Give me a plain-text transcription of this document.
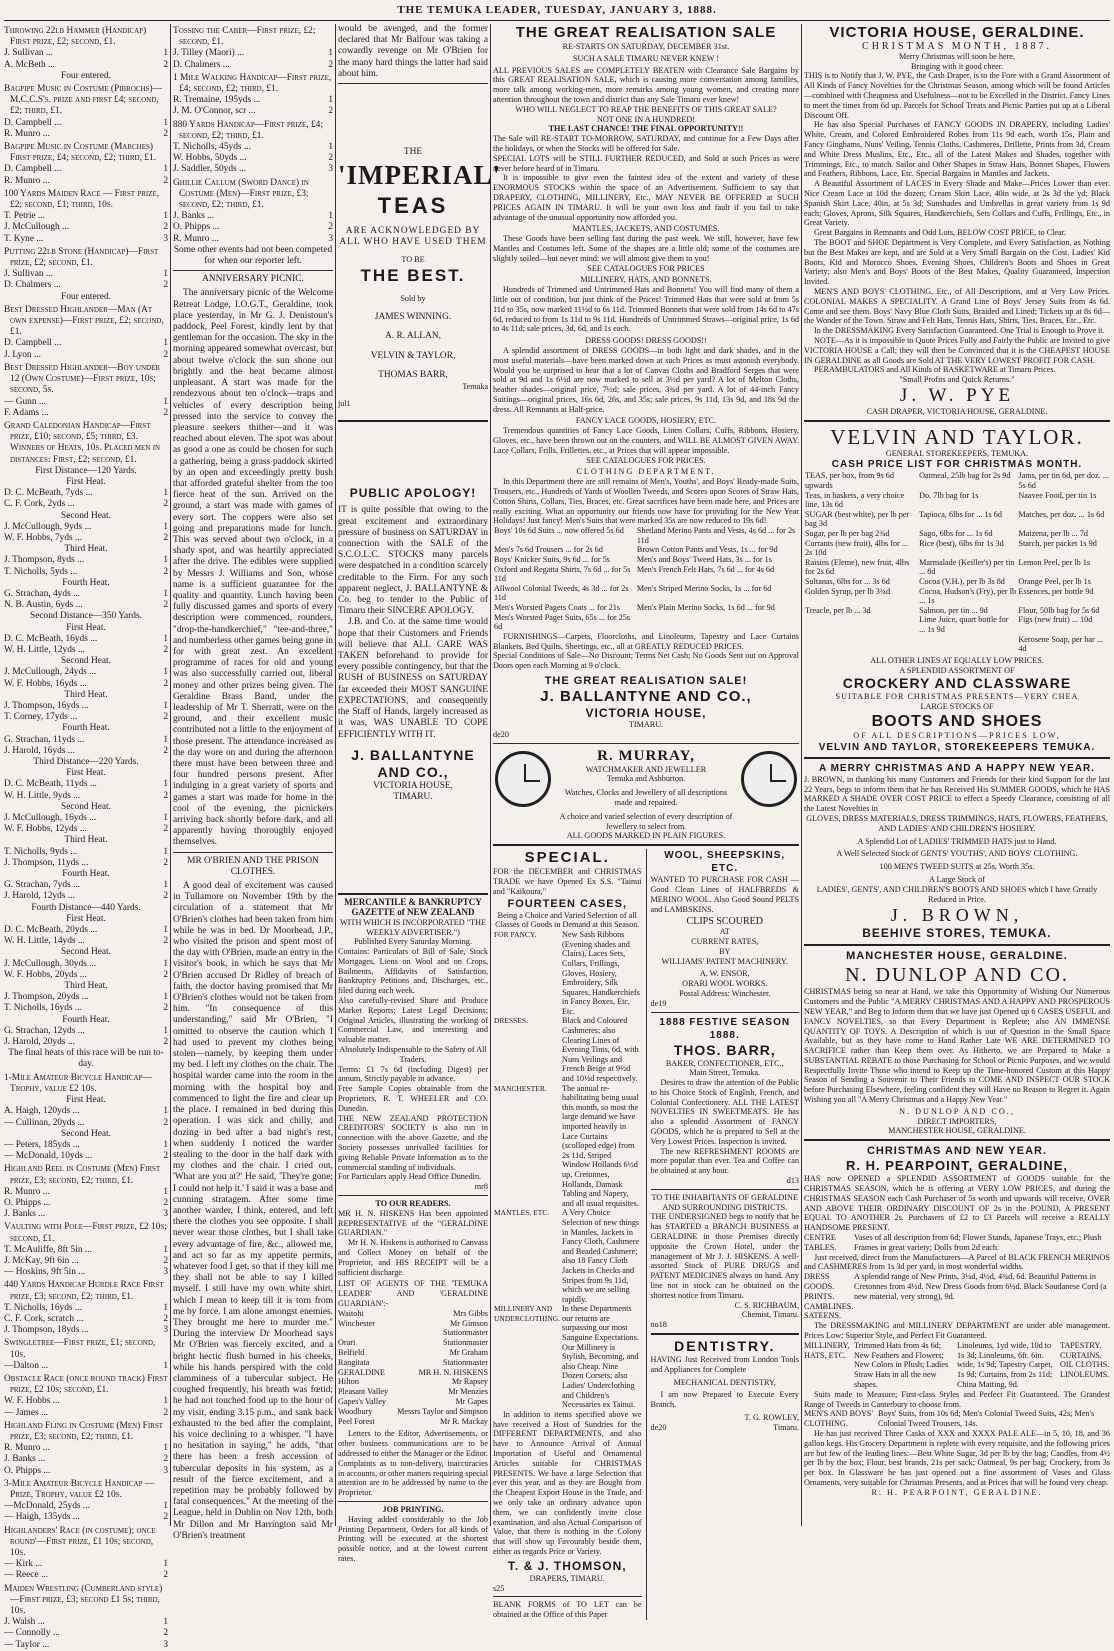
THE TEMUKA LEADER, TUESDAY, JANUARY 3, 1888.
Throwing 22lb Hammer (Handicap) First prize, £2; second, £1.
J. Sullivan ...	1
A. McBeth ...	2
Four entered.
Bagpipe Music in Costume (Pibrochs)—M.C.C.S's. prize and first £4; second, £2; third, £1.
D. Campbell ...	1
R. Munro ...	2
Bagpipe Music in Costume (Marches) First prize, £4; second, £2; third, £1.
D. Campbell ...	1
R. Munro ...	2
100 Yards Maiden Race — First prize, £2; second, £1; third, 10s.
T. Petrie ...	1
J. McCullough ...	2
T. Kyne ...	3
Putting 22lb Stone (Handicap)—First prize, £2; second, £1.
J. Sullivan ...	1
D. Chalmers ...	2
Four entered.
Best Dressed Highlander—Man (At own expense)—First prize, £2; second, £1.
D. Campbell ...	1
J. Lyon ...	2
Best Dressed Highlander—Boy under 12 (Own Costume)—First prize, 10s; second, 5s.
— Gunn ...	1
F. Adams ...	2
Grand Caledonian Handicap—First prize, £10; second, £5; third, £3. Winners of Heats, 10s. Placed men in distances: First, £2; second, £1.
First Distance—120 Yards.
First Heat.
D. C. McBeath, 7yds ...	1
C. F. Cork, 2yds ...	2
Second Heat.
J. McCullough, 9yds ...	1
W. F. Hobbs, 7yds ...	2
Third Heat.
J. Thompson, 8yds ...	1
T. Nicholls, 5yds ...	2
Fourth Heat.
G. Strachan, 4yds ...	1
N. B. Austin, 6yds ...	2
Second Distance—350 Yards.
First Heat.
D. C. McBeath, 16yds ...	1
W. H. Little, 12yds ...	2
Second Heat.
J. McCullough, 24yds ...	1
W. F. Hobbs, 16yds ...	2
Third Heat.
J. Thompson, 16yds ...	1
T. Corney, 17yds ...	2
Fourth Heat.
G. Strachan, 11yds ...	1
J. Harold, 16yds ...	2
Third Distance—220 Yards.
First Heat.
D. C. McBeath, 11yds ...	1
W. H. Little, 9yds ...	2
Second Heat.
J. McCullough, 16yds ...	1
W. F. Hobbs, 12yds ...	2
Third Heat.
T. Nicholls, 9yds ...	1
J. Thompson, 11yds ...	2
Fourth Heat.
G. Strachan, 7yds ...	1
J. Harold, 12yds ...	2
Fourth Distance—440 Yards.
First Heat.
D. C. McBeath, 20yds ...	1
W. H. Little, 14yds ...	2
Second Heat.
J. McCullough, 30yds ...	1
W. F. Hobbs, 20yds ...	2
Third Heat.
J. Thompson, 20yds ...	1
T. Nicholls, 16yds ...	2
Fourth Heat.
G. Strachan, 12yds ...	1
J. Harold, 20yds ...	2
The final heats of this race will be run to-day.
1-Mile Amateur Bicycle Handicap—Trophy, value £2 10s.
First Heat.
A. Haigh, 120yds ...	1
— Cullinan, 20yds ...	2
Second Heat.
— Peters, 185yds ...	1
— McDonald, 10yds ...	2
Highland Reel in Costume (Men) First prize, £3; second, £2; third, £1.
R. Munro ...	1
O. Phipps ...	2
J. Banks ...	3
Vaulting with Pole—First prize, £2 10s; second, £1.
T. McAuliffe, 8ft 5in ...	1
J. McKay, 9ft 6in ...	2
— Hoskins, 9ft 5in ...	3
440 Yards Handicap Hurdle Race First prize, £3; second, £2; third, £1.
T. Nicholls, 16yds ...	1
C. F. Cork, scratch ...	2
J. Thompson, 18yds ...	3
Swingletree—First prize, £1; second, 10s.
—Dalton ...	1
Obstacle Race (once round track) First prize, £2 10s; second, £1.
W. F. Hobbs ...	1
— James ...	2
Highland Fling in Costume (Men) First prize, £3; second, £2; third, £1.
R. Munro ...	1
J. Banks ...	2
O. Phipps ...	3
3-Mile Amateur Bicycle Handicap —Prize, Trophy, value £2 10s.
—McDonald, 25yds ...	1
— Haigh, 135yds ...	2
Highlanders' Race (in costume); once round'—First prize, £1 10s; second, 10s.
— Kirk ...	1
— Reece ...	2
Maiden Wrestling (Cumberland style)—First prize, £3; second £1 5s; third, 10s.
J. Walsh ...	1
— Connolly ...	2
— Taylor ...	3
Tossing the Caber—First prize, £2; second, £1.
J. Tilley (Maori) ...	1
D. Chalmers ...	2
1 Mile Walking Handicap—First prize, £4; second, £2; third, £1.
R. Tremaine, 195yds ...	1
J. M. O'Connor, scr ...	2
880 Yards Handicap—First prize, £4; second, £2; third, £1.
T. Nicholls, 45yds ...	1
W. Hobbs, 50yds ...	2
J. Saddler, 50yds ...	3
Ghillie Callum (Sword Dance) in Costume (Men)—First prize, £3; second, £2; third, £1.
J. Banks ...	1
O. Phipps ...	2
R. Munro ...	3
Some other events had not been competed for when our reporter left.
ANNIVERSARY PICNIC.
The anniversary picnic of the Welcome Retreat Lodge, I.O.G.T., Geraldine, took place yesterday, in Mr G. J. Denistoun's paddock, Peel Forest, kindly lent by that gentleman for the occasion. The sky in the morning appeared somewhat overcast, but about twelve o'clock the sun shone out brightly and the heat became almost unpleasant. A start was made for the rendezvous about ten o'clock—traps and vehicles of every description being pressed into the service to convey the pleasure seekers thither—and it was reached about eleven. The spot was about as good a one as could be chosen for such a gathering, being a grass paddock skirted by an open and exceedingly pretty bush that afforded grateful shelter from the too fierce heat of the sun. Arrived on the ground, a start was made with games of every sort. The coppers were also set going and preparations made for lunch. This was served about two o'clock, in a shady spot, and was heartily appreciated after the drive. The edibles were supplied by Messrs J. Williams and Son, whose name is a sufficient guarantee for the quality and quantity. Lunch having been fully discussed games and sports of every description were commenced, rounders, "drop-the-handkerchief," "tee-and-three," and numberless other games being gone in for with great zest. An excellent programme of races for old and young was also successfully carried out, liberal money and other prizes being given. The Geraldine Brass Band, under the leadership of Mr T. Sherratt, were on the ground, and their excellent music contributed not a little to the enjoyment of those present. The attendance increased as the day wore on and during the afternoon there must have been between three and four hundred persons present. After indulging in a great variety of sports and games a start was made for home in the cool of the evening, the picnickers arriving back shortly before dark, and all apparently having thoroughly enjoyed themselves.
MR O'BRIEN AND THE PRISON CLOTHES.
A good deal of excitement was caused in Tullamore on November 19th by the circulation of a statement that Mr O'Brien's clothes had been taken from him while he was in bed. Dr Moorhead, J.P., who visited the prison and spent most of the day with O'Brien, made an entry in the visitor's book, in which he says that Mr O'Brien accused Dr Ridley of breach of faith, the doctor having promised that Mr O'Brien's clothes would not be taken from him. "In consequence of this understanding," said Mr O'Brien, "I omitted to observe the caution which I had used to prevent my clothes being stolen—namely, by keeping them under my bed. I left my clothes on the chair. The hospital warder came into the room in the morning with the hospital boy and commenced to light the fire and clear up the place. I remained in bed during this operation. I was sick and chilly, and dozing in bed after a bad night's rest, when suddenly I noticed the warder stealing to the door in the half dark with my clothes and the chair. I cried out, 'What are you at?' He said, 'They're gone; I could not help it.' I said it was a base and cunning stratagem. After some time another warder, I think, entered, and left there the clothes you see opposite. I shall never wear those clothes, but I shall take every advantage of fire, &c., allowed me, and act so far as my appetite permits, whatever food I get, so that if they kill me they shall not be able to say I killed myself. I still have my own white shirt, which I mean to keep till it is torn from me by force. I am alone amongst enemies. They brought me here to murder me." During the interview Dr Moorhead says Mr O'Brien was fiercely excited, and a bright hectic flush burned in his cheeks, while his hands perspired with the cold clamminess of a tubercular subject. He coughed frequently, his breath was fœtid; he had not touched food up to the hour of my visit, ending 3.15 p.m., and sank back exhausted to the bed after the complaint, his voice declining to a whisper. "I have no hesitation in saying," he adds, "that there has been a fresh accession of tubercular deposits in his system, as a result of the fierce excitement, and a repetition may be probably followed by fatal consequences." At the meeting of the League, held in Dublin on Nov 12th, both Mr Dillon and Mr Harrington said Mr O'Brien's treatment
would be avenged, and the former declared that Mr Balfour was taking a cowardly revenge on Mr O'Brien for the many hard things the latter had said about him.
THE
'IMPERIAL'
TEAS
ARE ACKNOWLEDGED BY ALL WHO HAVE USED THEM
TO BE
THE BEST.
Sold by
JAMES WINNING.
A. R. ALLAN,
VELVIN & TAYLOR,
THOMAS BARR,
Temuka
jul1
PUBLIC APOLOGY!
IT is quite possible that owing to the great excitement and extraordinary pressure of business on SATURDAY in connection with the SALE of the S.C.O.L.C. STOCKS many parcels were despatched in a condition scarcely creditable to the Firm. For any such apparent neglect, J. BALLANTYNE & Co. beg to tender to the Public of Timaru their SINCERE APOLOGY.
J.B. and Co. at the same time would hope that their Customers and Friends will believe that ALL CARE WAS TAKEN beforehand to provide for every possible contingency, but that the RUSH of BUSINESS on SATURDAY far exceeded their MOST SANGUINE EXPECTATIONS, and consequently the Staff of Hands, largely increased as it was, WAS UNABLE TO COPE EFFICIENTLY WITH IT.
J. BALLANTYNE
AND CO.,
VICTORIA HOUSE,
TIMARU.
MERCANTILE & BANKRUPTCY GAZETTE of NEW ZEALAND
WITH WHICH IS INCORPORATED "THE WEEKLY ADVERTISER.")
Published Every Saturday Morning.
Contains: Particulars of Bill of Sale, Stock Mortgages, Liens on Wool and on Crops, Bailments, Affidavits of Satisfaction, Bankruptcy Petitions and, Discharges, etc., filed during each week.
Also carefully-revised Share and Produce Market Reports; Latest Legal Decisions; Original Articles, illustrating the working of Commercial Law, and interesting and valuable matter.
Absolutely Indispensable to the Safety of All Traders.
Terms: £1 7s 6d (including Digest) per annum, Strictly payable in advance.
Free Sample Copies obtainable from the Proprietors, R. T. WHEELER and CO. Dunedin.
THE NEW ZEALAND PROTECTION CREDITORS' SOCIETY is also run in connection with the above Gazette, and the Society possesses unrivalled facilities for giving Reliable Private Information as to the commercial standing of individuals.
For Particulars apply Head Office Dunedin.
mr8
TO OUR READERS.
MR H. N. HISKENS Has been appointed REPRESENTATIVE of the "GERALDINE GUARDIAN."
Mr H. N. Hiskens is authorised to Canvass and Collect Money on behalf of the Proprietor, and HIS RECEIPT will be a sufficient discharge.
LIST OF AGENTS OF THE 'TEMUKA LEADER' AND 'GERALDINE GUARDIAN':-
Waitohi	Mrs Gibbs
Winchester	Mr Gimson
Stationmaster
Orari	Stationmaster
Belfield	Mr Graham
Rangitata	Stationmaster
GERALDINE	MR H. N. HISKENS
Hilton	Mr Rapsey
Pleasant Valley	Mr Menzies
Gapes's Valley	Mr Gapes
Woodbury	Messrs Taylor and Simpson
Peel Forest	Mr R. Mackay
Letters to the Editor, Advertisements, or other business communications are to be addressed to either the Manager or the Editor. Complaints as to non-delivery, inaccuracies in accounts, or other matters requiring special attention are to be addressed by name to the Proprietor.
JOB PRINTING.
Having added considerably to the Job Printing Department, Orders for all kinds of Printing will be executed at the shortest possible notice, and at the lowest current rates.
THE GREAT REALISATION SALE
RE-STARTS ON SATURDAY, DECEMBER 31st.
SUCH A SALE TIMARU NEVER KNEW !
ALL PREVIOUS SALES are COMPLETELY BEATEN with Clearance Sale Bargains by this GREAT REALISATION SALE, which is causing more conversation among families, more talk among working-men, more remarks among young women, and creating more attention throughout the town and district than any Sale Timaru ever knew!
WHO WILL NEGLECT TO REAP THE BENEFITS OF THIS GREAT SALE?
NOT ONE IN A HUNDRED!
THE LAST CHANCE! THE FINAL OPPORTUNITY!!
The Sale will RE-START TO-MORROW, SATURDAY, and continue for a Few Days after the holidays, or when the Stocks will be offered for Sale.
SPECIAL LOTS will be STILL FURTHER REDUCED, and Sold at such Prices as were never before heard of in Timaru.
It is impossible to give even the faintest idea of the extent and variety of these ENORMOUS STOCKS within the space of an Advertisement. Sufficient to say that DRAPERY, CLOTHING, MILLINERY, Etc., MAY NEVER BE OFFERED at SUCH PRICES AGAIN IN TIMARU. It will be your own loss and fault if you fail to take advantage of the unusual opportunity now afforded you.
MANTLES, JACKETS, AND COSTUMES.
These Goods have been selling fast during the past week. We still, however, have few Mantles and Costumes left. Some of the shapes are a little old; some of the costumes are slightly soiled—but never mind: we will almost give them to you!
SEE CATALOGUES FOR PRICES
MILLINERY, HATS, AND BONNETS.
Hundreds of Trimmed and Untrimmed Hats and Bonnets! You will find many of them a little out of condition, but just think of the Prices! Trimmed Hats that were sold at from 5s 11d to 35s, now marked 11½d to 6s 11d. Trimmed Bonnets that were sold from 14s 6d to 47s 6d, reduced to from 1s 11d to 9s 11d. Hundreds of Untrimmed Straws—original price, 1s 6d to 4s 11d; sale prices, 3d, 6d, and 1s each.
DRESS GOODS! DRESS GOODS!!
A splendid assortment of DRESS GOODS—in both light and dark shades, and in the most useful materials—have been marked down at such Prices as must astonish everybody. Would you be surprised to hear that a lot of Canvas Cloths and Bradford Serges that were sold at 9d and 1s 6½d are now marked to sell at 3½d per yard? A lot of Melton Cloths, heather shades—original price, 7½d; sale prices, 3¾d per yard. A lot of 44-inch Fancy Suitings—original prices, 16s 6d, 26s, and 35s; sale prices, 9s 11d, 13s 9d, and 18s 9d the dress. All Remnants at Half-price.
FANCY LACE GOODS, HOSIERY, ETC.
Tremendous quantities of Fancy Lace Goods, Linen Collars, Cuffs, Ribbons, Hosiery, Gloves, etc., have been thrown out on the counters, and WILL BE ALMOST GIVEN AWAY. Lace Collars, Frills, Frillettes, etc., at Prices that will appear impossible.
SEE CATALOGUES FOR PRICES.
CLOTHING DEPARTMENT.
In this Department there are still remains of Men's, Youths', and Boys' Ready-made Suits, Trousers, etc., Hundreds of Yards of Woollen Tweeds, and Scores upon Scores of Straw Hats, Cotton Shirts, Collars, Ties, Braces, etc. Great sacrifices have been made here, and Prices are really exciting. What an opportunity our friends now have for providing for the New Year Holidays! Just fancy! Men's Suits that were marked 35s are now reduced to 19s 6d!
Boys' 10s 6d Suits ... now offered 5s 6d	Shetland Merino Pants and Vests, 4s 6d ... for 2s 11d
Men's 7s 6d Trousers ... for 2s 6d	Brown Cotton Pants and Vests, 1s ... for 9d
Boys' Knicker Suits, 9s 6d ... for 5s	Men's and Boys' Tweed Hats, 3s ... for 1s
Oxford and Regatta Shirts, 7s 6d ... for 5s 11d	Men's French Felt Hats, 7s 6d ... for 4s 6d
Allwool Colonial Tweeds, 4s 3d ... for 2s 11d	Men's Striped Merino Socks, 1s ... for 6d
Men's Worsted Pagets Coats ... for 21s	Men's Plain Merino Socks, 1s 6d ... for 9d
Men's Worsted Paget Suits, 65s ... for 25s 6d	
FURNISHINGS—Carpets, Floorcloths, and Linoleums, Tapestry and Lace Curtains Blankets, Bed Quilts, Sheetings, etc., all at GREATLY REDUCED PRICES.
Special Conditions of Sale—No Discount; Terms Net Cash; No Goods Sent out on Approval Doors open each Morning at 9 o'clock.
THE GREAT REALISATION SALE!
J. BALLANTYNE AND CO.,
VICTORIA HOUSE,
TIMARU.
de20
R. MURRAY,
WATCHMAKER AND JEWELLER
Temuka and Ashburton.
Watches, Clocks and Jewellery of all descriptions made and repaired.
A choice and varied selection of every description of Jewellery to select from.
ALL GOODS MARKED IN PLAIN FIGURES.
SPECIAL.
FOR the DECEMBER and CHRISTMAS TRADE we have Opened Ex S.S. "Tainui and "Kaikoura,"
FOURTEEN CASES,
Being a Choice and Varied Selection of all Classes of Goods in Demand at this Season.
FOR FANCY.	New Sash Ribbons (Evening shades and Clairs), Laces Sets, Collars, Frillings, Gloves, Hosiery, Embroidery, Silk Squares, Handkerchiefs in Fancy Boxes, Etc, Etc.
DRESSES.	Black and Coloured Cashmeres; also Clearing Lines of Evening Tints, 6d, with Nuns Veilings and French Beige at 9½d and 10½d respectively.
MANCHESTER.	The annual re-habilitating being usual this month, so most the large demand we have imported heavily in Lace Curtains (scolloped edge) from 2s 11d, Striped Window Hollands 6½d up, Cretonnes, Hollands, Damask Tabling and Napery, and all usual requisites.
MANTLES, ETC.	A Very Choice Selection of new things in Mantles, Jackets in Fancy Cloth, Cashmere and Beaded Cashmere; also 18 Fancy Cloth Jackets in Checks and Stripes from 9s 11d, which we are selling rapidly.
MILLINERY AND UNDERCLOTHING.	In these Departments our returns are surpassing our most Sanguine Expectations. Our Millinery is Stylish, Becoming, and also Cheap. Nine Dozen Corsets; also Ladies' Underclothing and Children's Necessaries ex Tainui.
In addition to items specified above we have received a Host of Sundries for the DIFFERENT DEPARTMENTS, and also have to Announce Arrival of Annual Importation of Useful and Ornamental Articles suitable for CHRISTMAS PRESENTS. We have a large Selection that ever this year, and as they are Bought from the Cheapest Export House in the Trade, and we only take an ordinary advance upon them, we can confidently invite close examination, and also Actual Comparison of Value, that there is nothing in the Colony that will show up Favourably beside them, either as regards Price or Variety.
T. & J. THOMSON,
DRAPERS, TIMARU.
s25
BLANK FORMS of TO LET can be obtained at the Office of this Paper
WOOL, SHEEPSKINS, ETC.
WANTED TO PURCHASE FOR CASH — Good Clean Lines of HALFBREDS & MERINO WOOL. Also Good Sound PELTS and LAMBSKINS.
CLIPS SCOURED
AT
CURRENT RATES,
BY
WILLIAMS' PATENT MACHINERY.
A. W. ENSOR,
ORARI WOOL WORKS.
Postal Address: Winchester.
de19
1888 FESTIVE SEASON 1888.
THOS. BARR,
BAKER, CONFECTIONER, ETC.,
Main Street, Temuka.
Desires to draw the attention of the Public to his Choice Stock of English, French, and Colonial Confectionery. ALL THE LATEST NOVELTIES IN SWEETMEATS. He has also a splendid Assortment of FANCY GOODS, which he is prepared to Sell at the Very Lowest Prices. Inspection is invited.
The new REFRESHMENT ROOMS are more popular than ever. Tea and Coffee can be obtained at any hour.
d13
TO THE INHABITANTS OF GERALDINE AND SURROUNDING DISTRICTS.
THE UNDERSIGNED begs to notify that he has STARTED a BRANCH BUSINESS at GERALDINE in those Premises directly opposite the Crown Hotel, under the management of Mr J. J. HISKENS. A well-assorted Stock of PURE DRUGS and PATENT MEDICINES always on hand. Any line not in stock can be obtained on the shortest notice from Timaru.
C. S. RICHBAUM,
Chemist, Timaru.
no18
DENTISTRY.
HAVING Just Received from London Tools and Appliances for Complete
MECHANICAL DENTISTRY,
I am now Prepared to Execute Every Branch.
T. G. ROWLEY,
de20	Timaru.
VICTORIA HOUSE, GERALDINE.
CHRISTMAS MONTH, 1887.
Merry Christmas will soon be here,
Bringing with it good cheer.
THIS is to Notify that J. W. PYE, the Cash Draper, is to the Fore with a Grand Assortment of All Kinds of Fancy Novelties for the Christmas Season, among which will be found Articles—combined with Cheapness and Usefulness—not to be Excelled in the District. Fancy Lines to meet the times from 6d up. Parcels for School Treats and Picnic Parties put up at a Liberal Discount Off.
He has also Special Purchases of FANCY GOODS IN DRAPERY, including Ladies' White, Cream, and Colored Embroidered Robes from 11s 9d each, worth 15s, Plain and Fancy Ginghams, Nuns' Veiling, Tennis Cloths, Cashmeres, Drillette, Prints from 3d, Cream and White Dress Muslins, Etc., Etc., all of the Latest Makes and Shades, together with Trimmings, Etc., to match. Sailor and Other Shapes in Straw Hats, Bonnet Shapes, Flowers and Feathers, Ribbons, Lace, Etc. Special Bargains in Mantles and Jackets.
A Beautiful Assortment of LACES in Every Shade and Make—Prices Lower than ever. Nice Cream Lace at 10d the dozen; Cream Skirt Lace, 40in wide, at 2s 3d the yd; Black Spanish Skirt Lace, 40in, at 5s 3d; Sunshades and Umbrellas in great variety from 1s 9d each; Gloves, Aprons, Silk Squares, Handkerchiefs, Sets Collars and Cuffs, Frillings, Etc., in Great Variety.
Great Bargains in Remnants and Odd Lots, BELOW COST PRICE, to Clear.
The BOOT and SHOE Department is Very Complete, and Every Satisfaction, as Nothing but the Best Makes are kept, and are Sold at a Very Small Bargain on the Cost. Ladies' Kid Boots, Kid and Morocco Shoes, Evening Shoes, Children's Boots and Shoes in Great Variety; also Men's and Boys' Boots of the Best Makes, Quality Guaranteed, Inspection Invited.
MEN'S AND BOYS' CLOTHING, Etc., of All Descriptions, and at Very Low Prices. COLONIAL MAKES A SPECIALITY. A Grand Line of Boys' Jersey Suits from 4s 6d. Come and see them. Boys' Navy Blue Cloth Suits, Braided and Lined; Tickets up at 8s 6d—the Wonder of the Town. Straw and Felt Hats, Tennis Hats, Shirts, Ties, Braces, Etc., Etc.
In the DRESSMAKING Every Satisfaction Guaranteed. One Trial is Enough to Prove it.
NOTE—As it is impossible to Quote Prices Fully and Fairly the Public are Invited to give VICTORIA HOUSE a Call; they will then be Convinced that it is the CHEAPEST HOUSE IN GERALDINE as all Goods are Sold AT THE VERY LOWEST PROFIT FOR CASH.
PERAMBULATORS and All Kinds of BASKETWARE at Timaru Prices.
"Small Profits and Quick Returns."
J. W. PYE
CASH DRAPER, VICTORIA HOUSE, GERALDINE.
VELVIN AND TAYLOR.
GENERAL STOREKEEPERS, TEMUKA.
CASH PRICE LIST FOR CHRISTMAS MONTH.
TEAS, per box, from 9s 6d upwards	Oatmeal, 25lb bag for 2s 9d	Jams, per tin 6d, per doz. ... 5s 6d
Teas, in baskets, a very choice line, 13s 6d	Do. 7lb bag for 1s	Naavee Food, per tin 1s
SUGAR (best white), per lb per bag 3d	Tapioca, 6lbs for ... 1s 6d	Matches, per doz. ... 1s 6d
Sugar, per lb per bag 2¾d	Sago, 6lbs for ... 1s 6d	Maizena, per lb ... 7d
Currants (new fruit), 4lbs for ... 2s 10d	Rice (best), 6lbs for 1s 3d	Starch, per packet 1s 9d
Raisins (Eleme), new fruit, 4lbs for 2s 6d	Marmalade (Keiller's) per tin ... 8d	Lemon Peel, per lb 1s
Sultanas, 6lbs for ... 3s 6d	Cocoa (V.H.), per lb 3s 8d	Orange Peel, per lb 1s
Golden Syrup, per lb 3¾d	Cocoa, Hudson's (Fry), per lb ... 1s	Essences, per bottle 9d
Treacle, per lb ... 3d	Salmon, per tin ... 9d	Flour, 50lb bag for 5s 6d
	Lime Juice, quart bottle for ... 1s 9d	Figs (new fruit) ... 10d
		Kerosene Soap, per bar ... 4d
ALL OTHER LINES AT EQUALLY LOW PRICES.
A SPLENDID ASSORTMENT OF
CROCKERY AND CLASSWARE
SUITABLE FOR CHRISTMAS PRESENTS—VERY CHEA
LARGE STOCKS OF
BOOTS AND SHOES
OF ALL DESCRIPTIONS—PRICES LOW,
VELVIN AND TAYLOR, STOREKEEPERS TEMUKA.
A MERRY CHRISTMAS AND A HAPPY NEW YEAR.
J. BROWN, in thanking his many Customers and Friends for their kind Support for the last 22 Years, begs to inform them that he has Received His SUMMER GOODS, which he HAS MARKED A SHADE OVER COST PRICE to effect a Speedy Clearance, consisting of all the Latest Novelties in
GLOVES, DRESS MATERIALS, DRESS TRIMMINGS, HATS, FLOWERS, FEATHERS, AND LADIES' AND CHILDREN'S HOSIERY.
A Splendid Lot of LADIES' TRIMMED HATS just to Hand.
A Well Selected Stock of GENTS' YOUTHS', AND BOYS' CLOTHING.
100 MEN'S TWEED SUITS at 25s, Worth 35s.
A Large Stock of
LADIES', GENTS', AND CHILDREN'S BOOTS AND SHOES which I have Greatly Reduced in Price.
J. BROWN,
BEEHIVE STORES, TEMUKA.
MANCHESTER HOUSE, GERALDINE.
N. DUNLOP AND CO.
CHRISTMAS being so near at Hand, we take this Opportunity of Wishing Our Numerous Customers and the Public "A MERRY CHRISTMAS AND A HAPPY AND PROSPEROUS NEW YEAR," and Beg to Inform them that we have just Opened up 6 CASES USEFUL and FANCY NOVELTIES, so that Every Department is Replete; also AN IMMENSE QUANTITY OF TOYS. A Description of which is out of Question in the Small Space Available, but as they have come to Hand Rather Late WE ARE DETERMINED TO SACRIFICE rather than Keep them over. As Hitherto, we are Prepared to Make a SUBSTANTIAL REBATE to those Purchasing for School or Picnic Purposes, and we would Respectfully Invite Those who intend to Keep up the Time-honored Custom at this Happy Season of Sending a Souvenir to Their Friends to COME AND INSPECT OUR STOCK before Purchasing Elsewhere, feeling confident they will Have no Reason to Regret it. Again Wishing you all "A Merry Christmas and a Happy New Year."
N. DUNLOP AND CO.,
DIRECT IMPORTERS,
MANCHESTER HOUSE, GERALDINE.
CHRISTMAS AND NEW YEAR.
R. H. PEARPOINT, GERALDINE,
HAS now OPENED a SPLENDID ASSORTMENT of GOODS suitable for the CHRISTMAS SEASON, which he is offering at VERY LOW PRICES, and during the CHRISTMAS SEASON each Cash Purchaser of 5s worth and upwards will receive, OVER AND ABOVE THEIR ORDINARY DISCOUNT OF 2s in the POUND, A PRESENT EQUAL TO ANOTHER 2s. Purchasers of £2 to £3 Parcels will receive a REALLY HANDSOME PRESENT.
CENTRE TABLES.
Vases of all description from 6d; Flower Stands, Japanese Trays, etc.; Plush Frames in great variety; Dolls from 2d each.
Just received, direct from the Manufacturers—A Parcel of BLACK FRENCH MERINOS and CASHMERES from 1s 3d per yard, in most wonderful widths.
DRESS GOODS. PRINTS. CAMBLINES. SATEENS.
A splendid range of New Prints, 3¼d, 4½d, 4¾d, 6d. Beautiful Patterns in Cretonnes from 4½d. New Dress Goods from 6½d. Black Soudanese Cord (a new material, very strong), 9d.
The DRESSMAKING and MILLINERY DEPARTMENT are under able management. Prices Low; Superior Style, and Perfect Fit Guaranteed.
MILLINERY, HATS, ETC.
Trimmed Hats from 4s 6d; New Feathers and Flowers; New Colors in Plush; Ladies Straw Hats in all the new shapes.
Linoleums, 1yd wide, 10d to 1s 3d; Linoleums, 6ft. 6in. wide, 1s 9d; Tapestry Carpet, 1s 9d; Curtains, from 2s 11d; China Matting, 9d.
TAPESTRY. CURTAINS. OIL CLOTHS. LINOLEUMS.
Suits made to Measure; First-class Styles and Perfect Fit Guaranteed. The Grandest Range of Tweeds in Canterbury to choose from.
MEN'S AND BOYS' CLOTHING.
Boys' Suits, from 10s 6d; Men's Colonial Tweed Suits, 42s; Men's Colonial Tweed Trousers, 14s.
He has just received Three Casks of XXX and XXXX PALE ALE—in 5, 10, 18, and 36 gallon kegs. His Grocery Department is replete with every requisite, and the following prices are but few of the leading lines:—Best White Sugar, 3d per lb by the bag; Candles, from 4½ per lb by the box; Flour, best brands, 21s per sack; Oatmeal, 9s per bag; Crockery, from 3s per box. In Glassware he has just opened out a fine assortment of Vases and Glass Ornaments, very suitable for Christmas Presents, and at Prices that will be found very cheap.
R. H. PEARPOINT, GERALDINE.
